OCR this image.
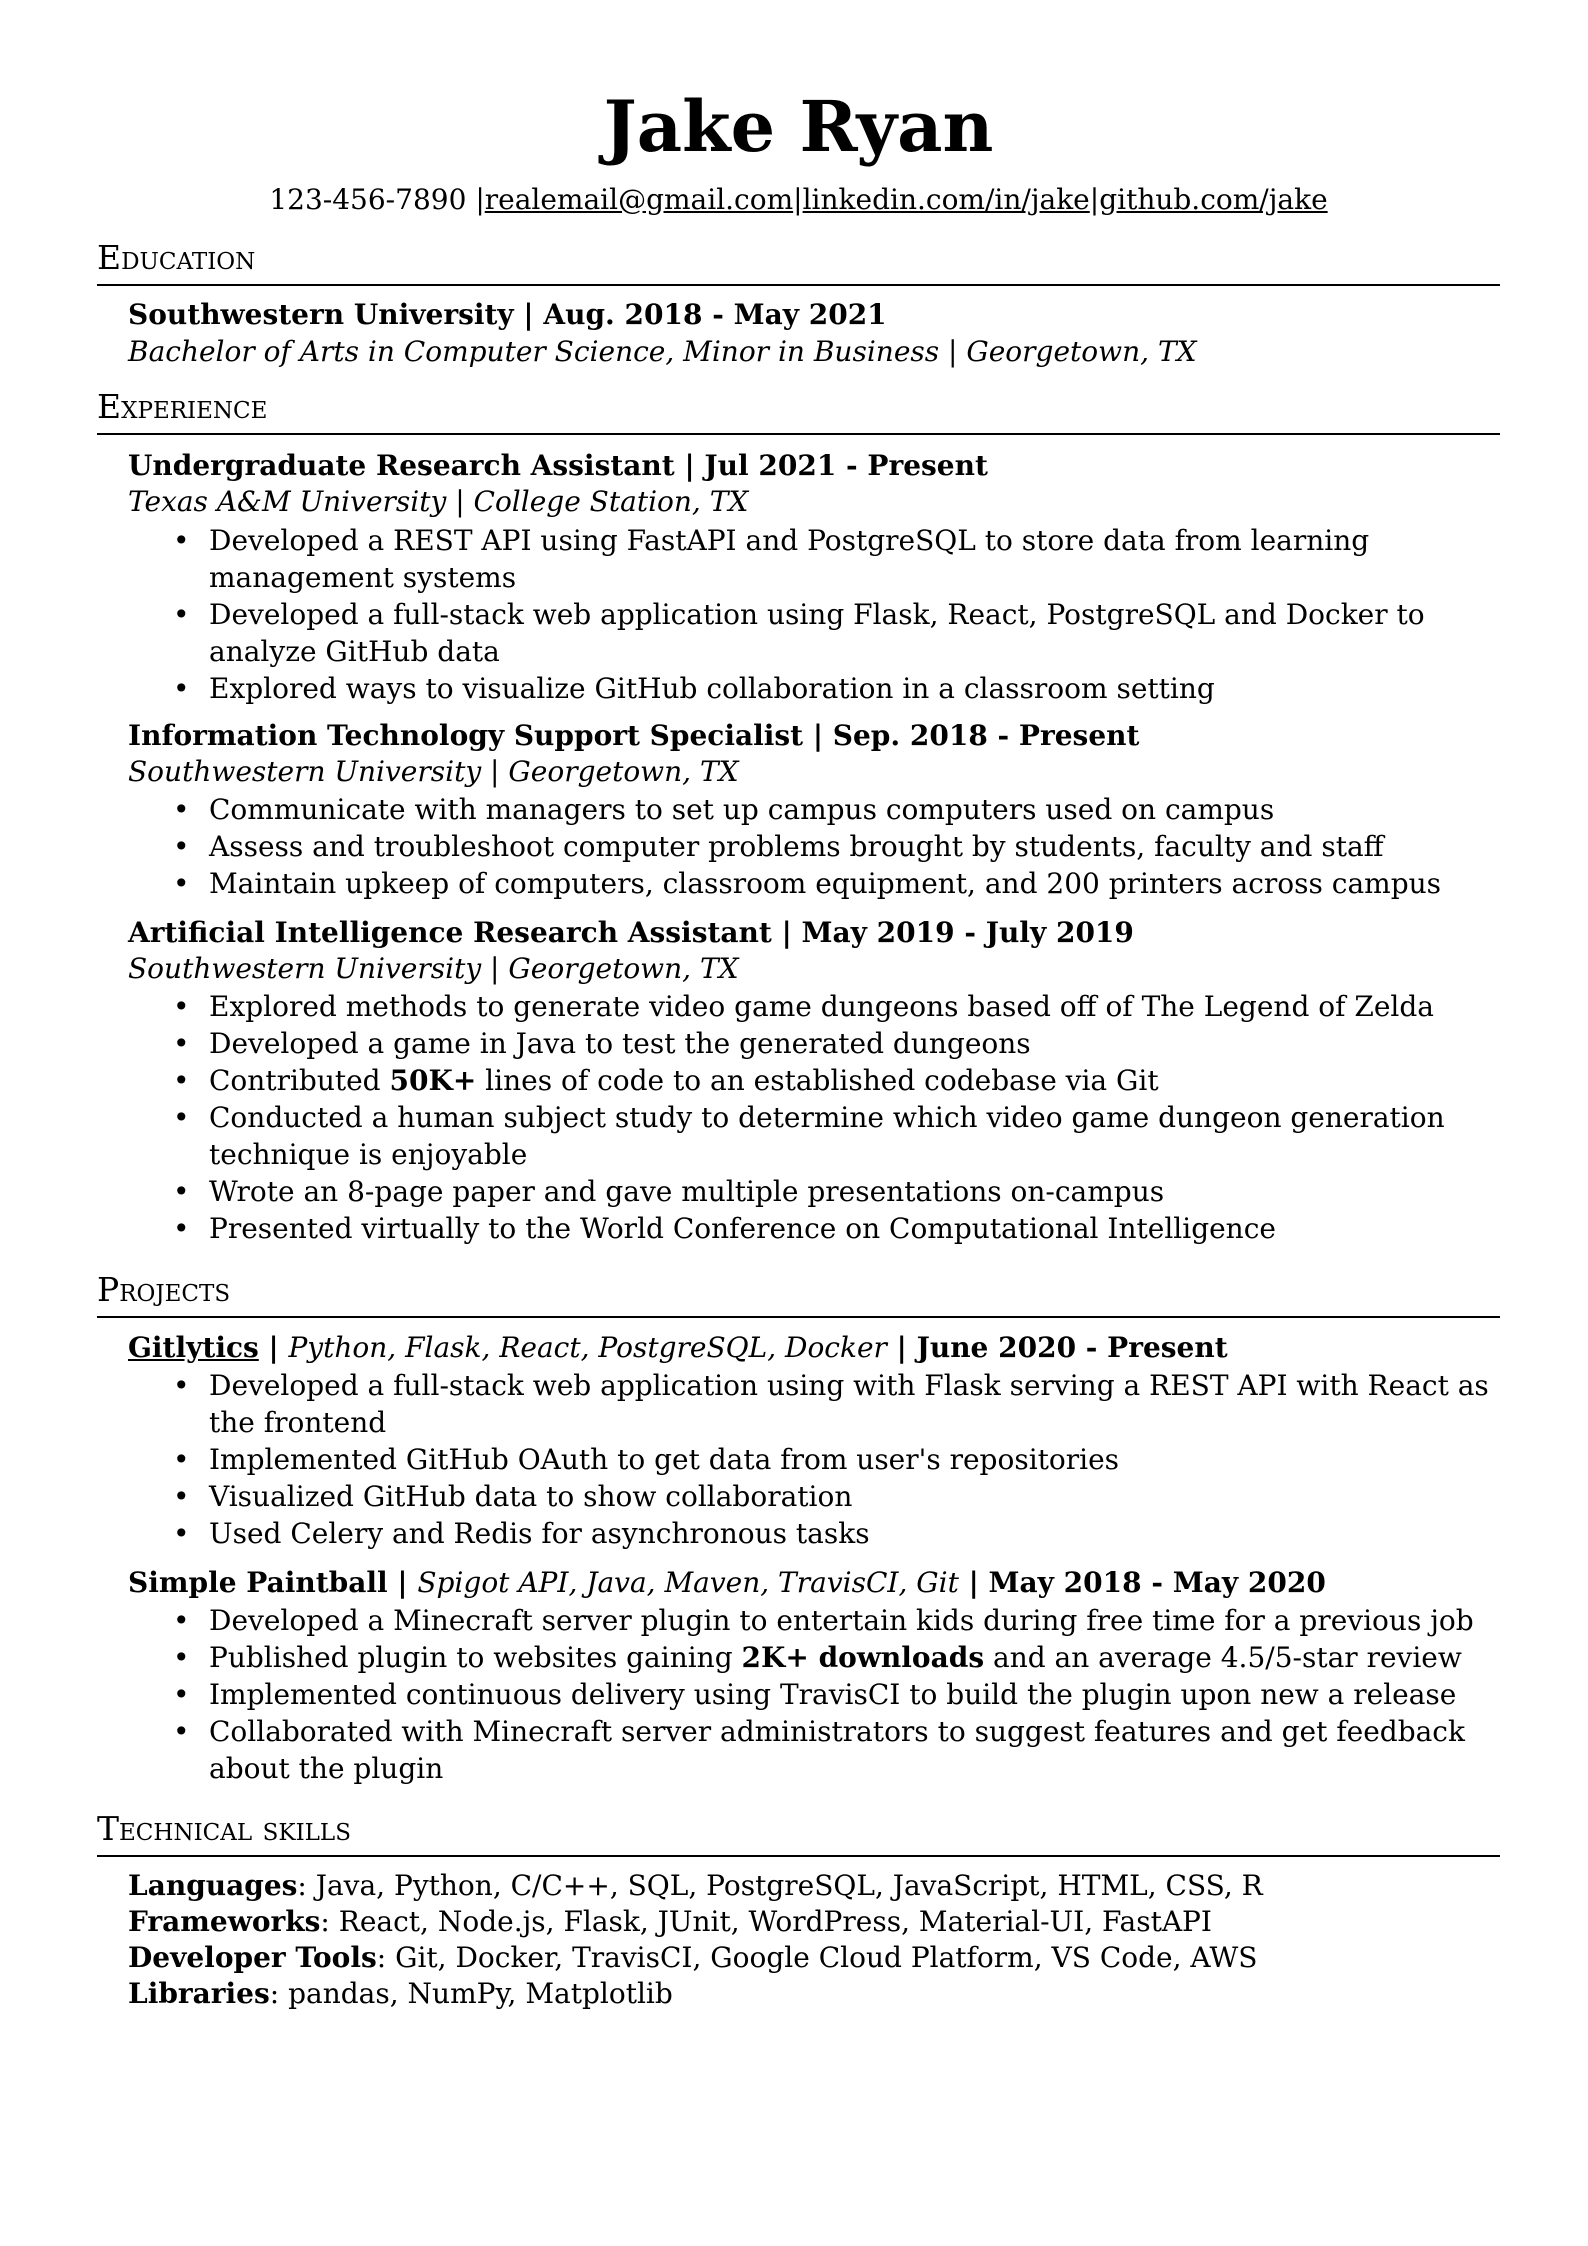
Jake Ryan
123-456-7890 |realemail@gmail.com|linkedin.com/in/jake|github.com/jake
Education
Southwestern University | Aug. 2018 - May 2021
Bachelor of Arts in Computer Science, Minor in Business | Georgetown, TX
Experience
Undergraduate Research Assistant | Jul 2021 - Present
Texas A&M University | College Station, TX
• Developed a REST API using FastAPI and PostgreSQL to store data from learning management systems
• Developed a full-stack web application using Flask, React, PostgreSQL and Docker to analyze GitHub data
• Explored ways to visualize GitHub collaboration in a classroom setting
Information Technology Support Specialist | Sep. 2018 - Present
Southwestern University | Georgetown, TX
• Communicate with managers to set up campus computers used on campus
• Assess and troubleshoot computer problems brought by students, faculty and staff
• Maintain upkeep of computers, classroom equipment, and 200 printers across campus
Artificial Intelligence Research Assistant | May 2019 - July 2019
Southwestern University | Georgetown, TX
• Explored methods to generate video game dungeons based off of The Legend of Zelda
• Developed a game in Java to test the generated dungeons
• Contributed 50K+ lines of code to an established codebase via Git
• Conducted a human subject study to determine which video game dungeon generation technique is enjoyable
• Wrote an 8-page paper and gave multiple presentations on-campus
• Presented virtually to the World Conference on Computational Intelligence
Projects
Gitlytics | Python, Flask, React, PostgreSQL, Docker | June 2020 - Present
• Developed a full-stack web application using with Flask serving a REST API with React as the frontend
• Implemented GitHub OAuth to get data from user's repositories
• Visualized GitHub data to show collaboration
• Used Celery and Redis for asynchronous tasks
Simple Paintball | Spigot API, Java, Maven, TravisCI, Git | May 2018 - May 2020
• Developed a Minecraft server plugin to entertain kids during free time for a previous job
• Published plugin to websites gaining 2K+ downloads and an average 4.5/5-star review
• Implemented continuous delivery using TravisCI to build the plugin upon new a release
• Collaborated with Minecraft server administrators to suggest features and get feedback about the plugin
Technical skills
Languages: Java, Python, C/C++, SQL, PostgreSQL, JavaScript, HTML, CSS, R
Frameworks: React, Node.js, Flask, JUnit, WordPress, Material-UI, FastAPI
Developer Tools: Git, Docker, TravisCI, Google Cloud Platform, VS Code, AWS
Libraries: pandas, NumPy, Matplotlib
